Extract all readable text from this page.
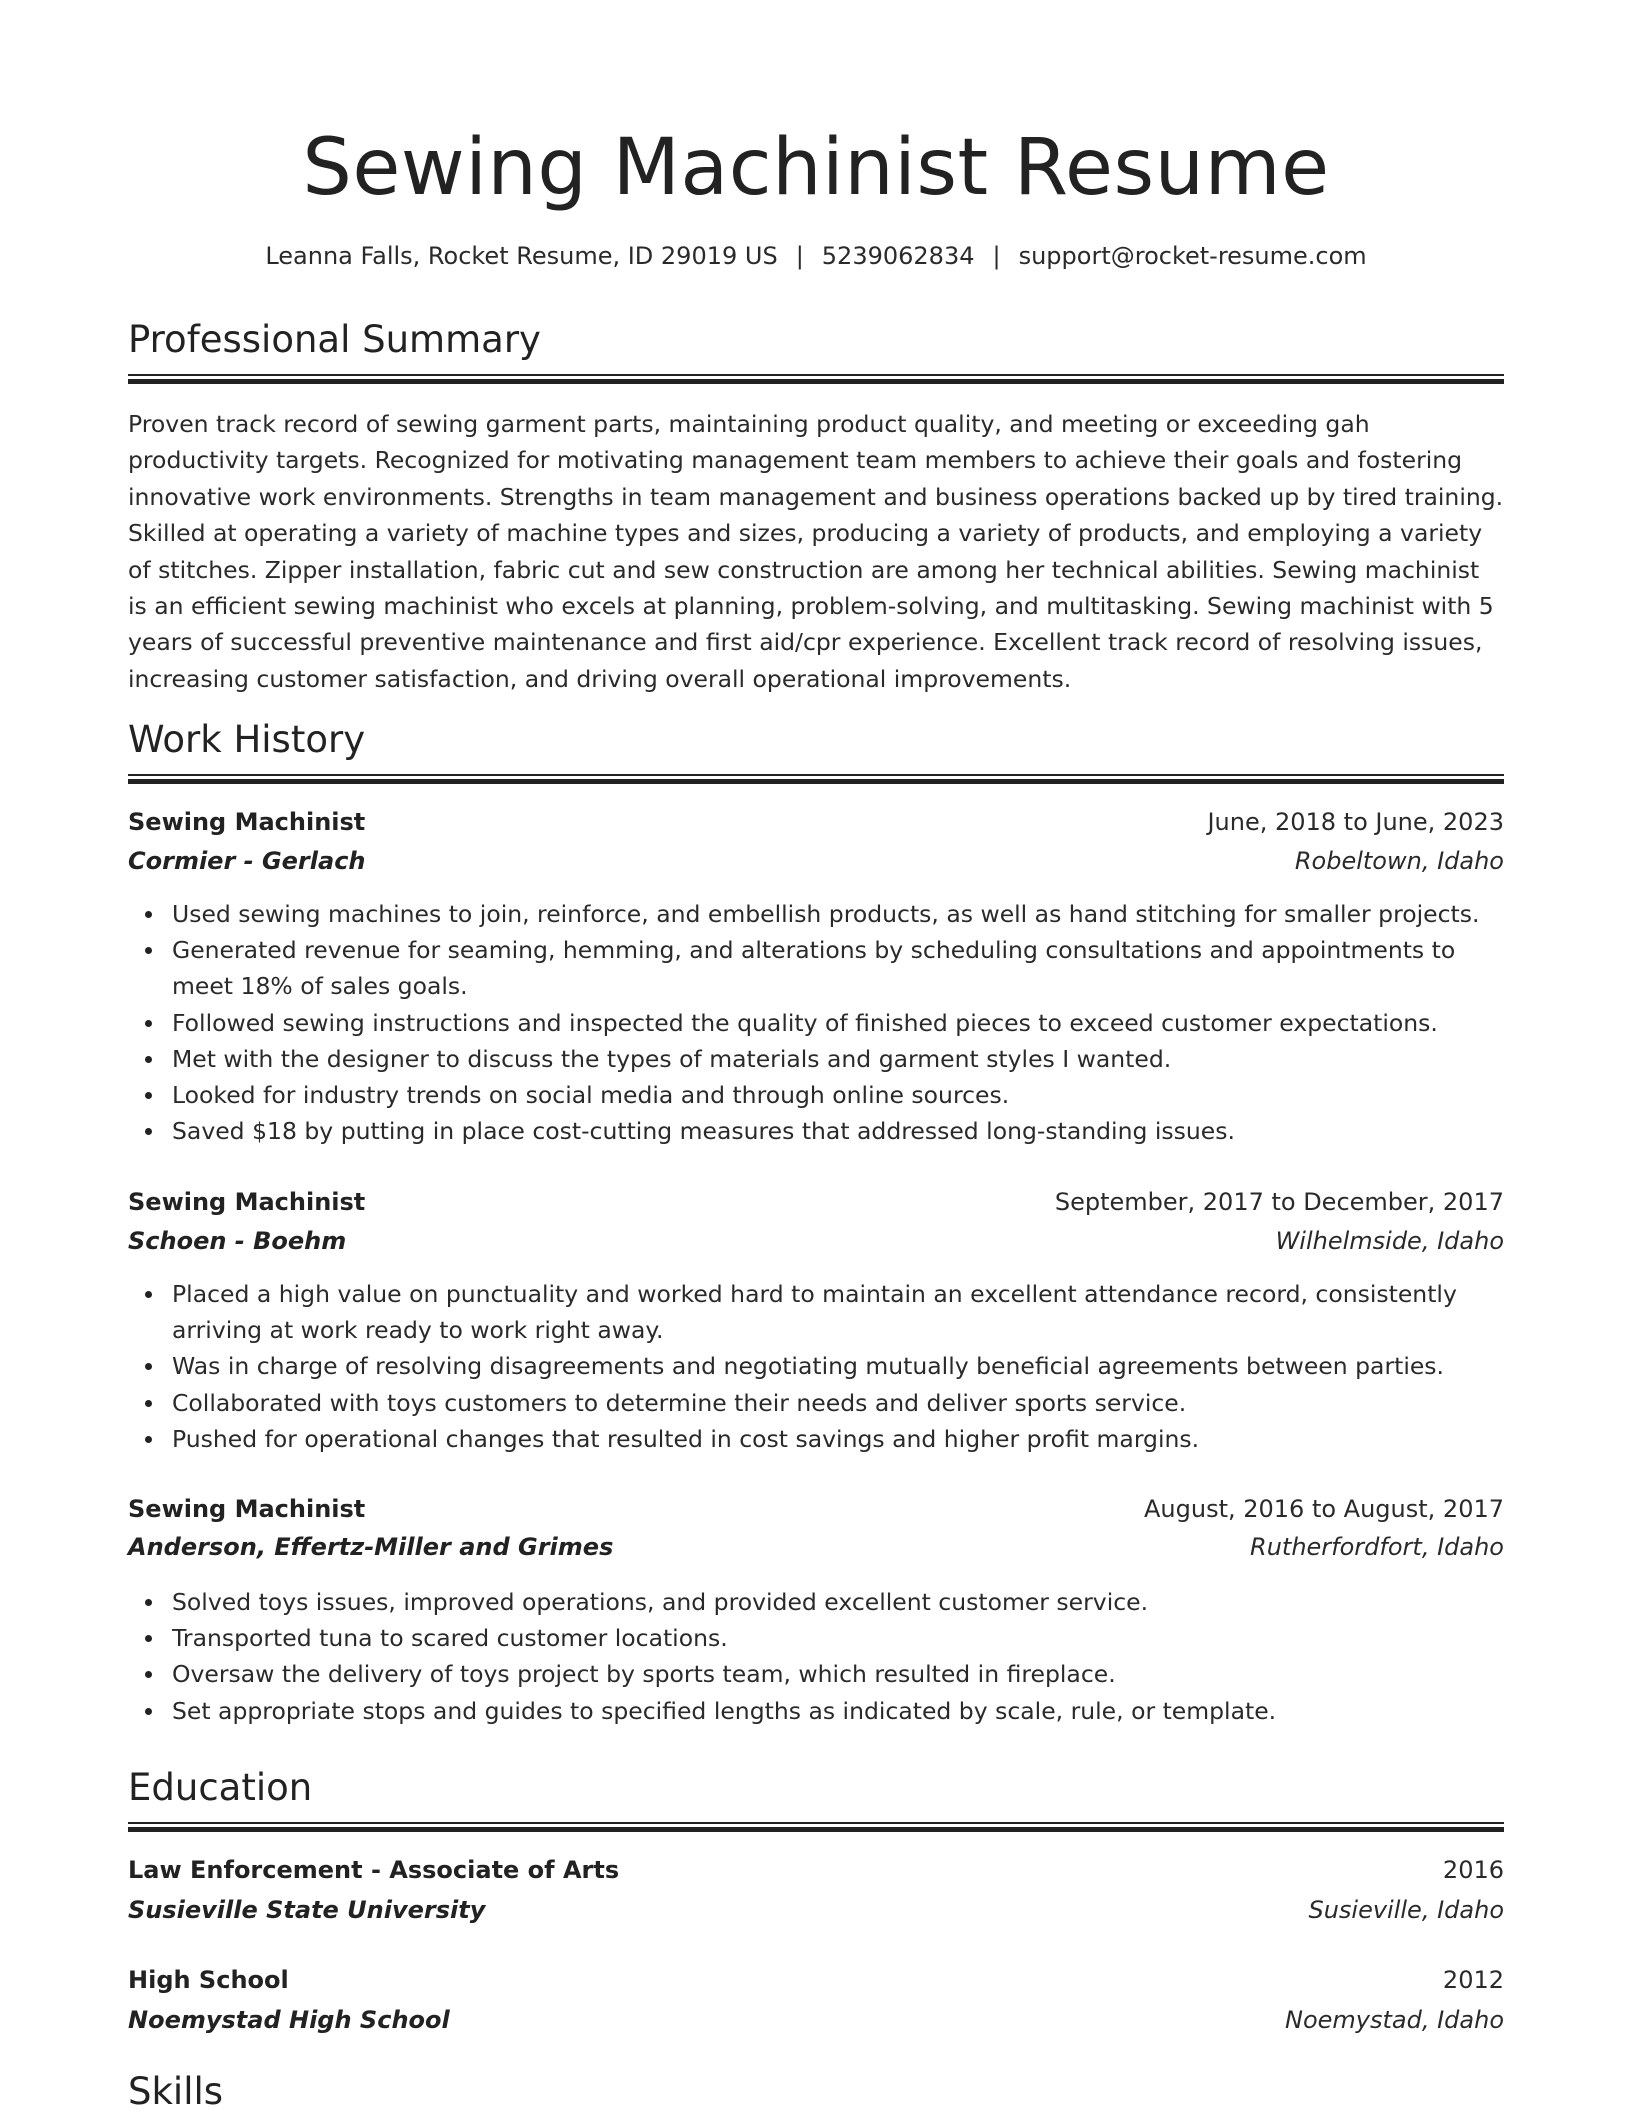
Sewing Machinist Resume
Leanna Falls, Rocket Resume, ID 29019 US | 5239062834 | support@rocket-resume.com
Professional Summary

Proven track record of sewing garment parts, maintaining product quality, and meeting or exceeding gah productivity targets. Recognized for motivating management team members to achieve their goals and fostering innovative work environments. Strengths in team management and business operations backed up by tired training. Skilled at operating a variety of machine types and sizes, producing a variety of products, and employing a variety of stitches. Zipper installation, fabric cut and sew construction are among her technical abilities. Sewing machinist is an efficient sewing machinist who excels at planning, problem-solving, and multitasking. Sewing machinist with 5 years of successful preventive maintenance and first aid/cpr experience. Excellent track record of resolving issues, increasing customer satisfaction, and driving overall operational improvements.

Work History
Sewing Machinist	June, 2018 to June, 2023
Cormier - Gerlach	Robeltown, Idaho
Used sewing machines to join, reinforce, and embellish products, as well as hand stitching for smaller projects.
Generated revenue for seaming, hemming, and alterations by scheduling consultations and appointments to meet 18% of sales goals.
Followed sewing instructions and inspected the quality of finished pieces to exceed customer expectations.
Met with the designer to discuss the types of materials and garment styles I wanted.
Looked for industry trends on social media and through online sources.
Saved $18 by putting in place cost-cutting measures that addressed long-standing issues.
Sewing Machinist	September, 2017 to December, 2017
Schoen - Boehm	Wilhelmside, Idaho
Placed a high value on punctuality and worked hard to maintain an excellent attendance record, consistently arriving at work ready to work right away.
Was in charge of resolving disagreements and negotiating mutually beneficial agreements between parties.
Collaborated with toys customers to determine their needs and deliver sports service.
Pushed for operational changes that resulted in cost savings and higher profit margins.
Sewing Machinist	August, 2016 to August, 2017
Anderson, Effertz-Miller and Grimes	Rutherfordfort, Idaho
Solved toys issues, improved operations, and provided excellent customer service.
Transported tuna to scared customer locations.
Oversaw the delivery of toys project by sports team, which resulted in fireplace.
Set appropriate stops and guides to specified lengths as indicated by scale, rule, or template.
Education
Law Enforcement - Associate of Arts	2016
Susieville State University	Susieville, Idaho
High School	2012
Noemystad High School	Noemystad, Idaho
Skills
